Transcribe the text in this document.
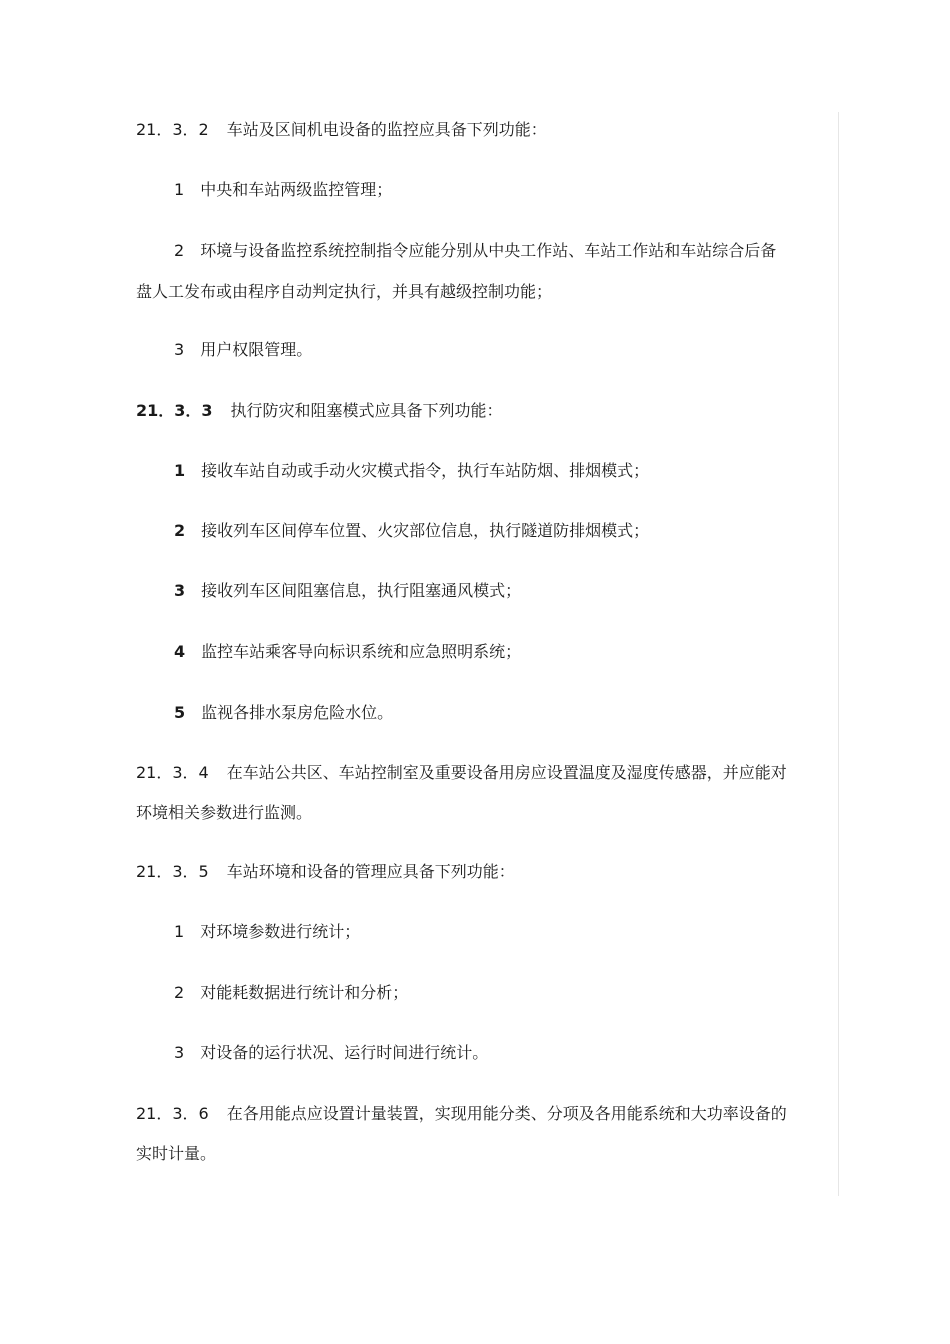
21．3．2 车站及区间机电设备的监控应具备下列功能：
1 中央和车站两级监控管理；
2 环境与设备监控系统控制指令应能分别从中央工作站、车站工作站和车站综合后备
盘人工发布或由程序自动判定执行，并具有越级控制功能；
3 用户权限管理。
21．3．3 执行防灾和阻塞模式应具备下列功能：
1 接收车站自动或手动火灾模式指令，执行车站防烟、排烟模式；
2 接收列车区间停车位置、火灾部位信息，执行隧道防排烟模式；
3 接收列车区间阻塞信息，执行阻塞通风模式；
4 监控车站乘客导向标识系统和应急照明系统；
5 监视各排水泵房危险水位。
21．3．4 在车站公共区、车站控制室及重要设备用房应设置温度及湿度传感器，并应能对
环境相关参数进行监测。
21．3．5 车站环境和设备的管理应具备下列功能：
1 对环境参数进行统计；
2 对能耗数据进行统计和分析；
3 对设备的运行状况、运行时间进行统计。
21．3．6 在各用能点应设置计量装置，实现用能分类、分项及各用能系统和大功率设备的
实时计量。
